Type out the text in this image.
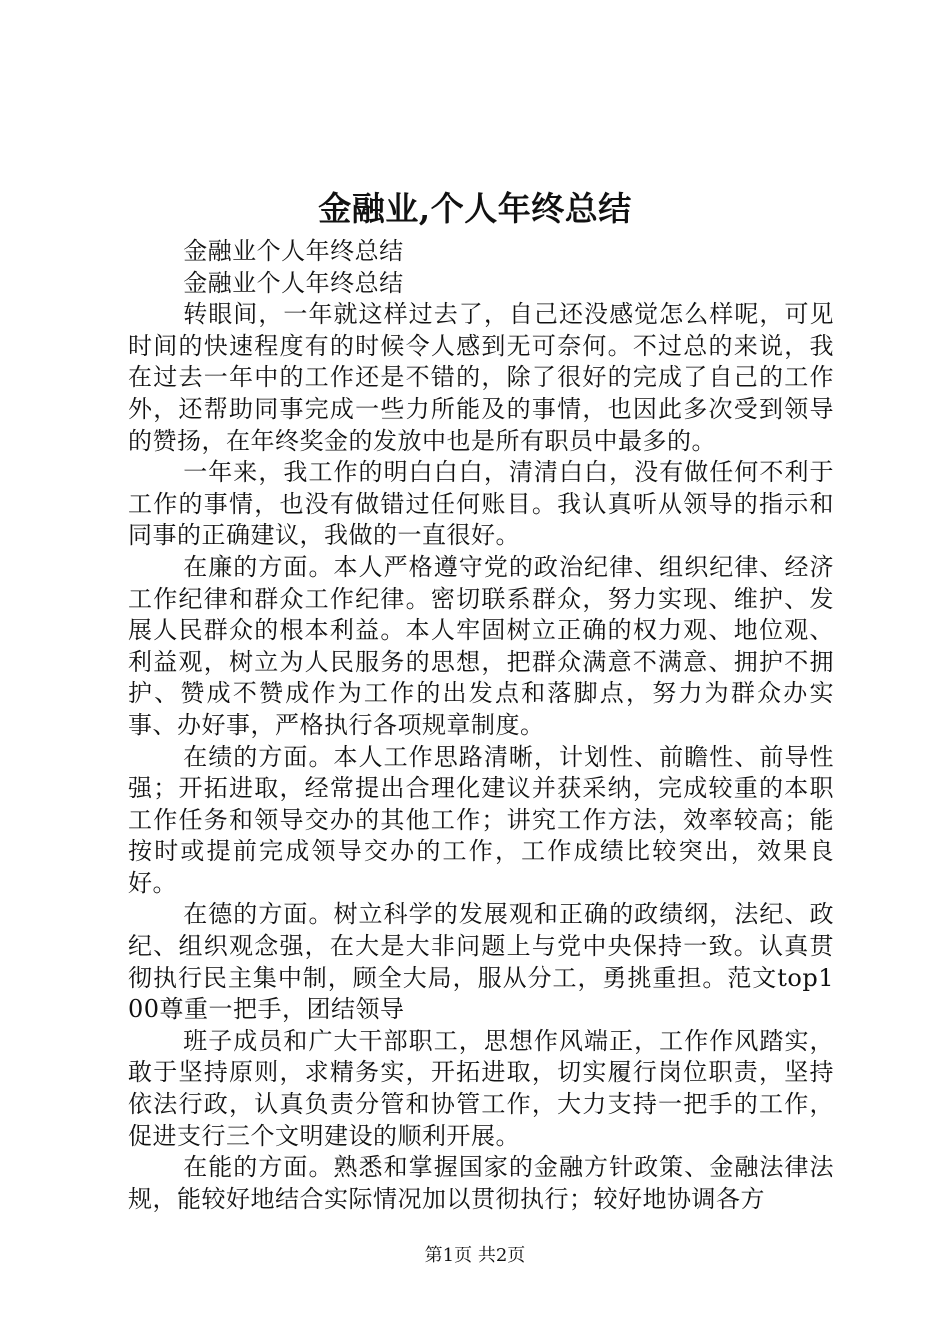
金融业,个人年终总结

金融业个人年终总结

金融业个人年终总结

转眼间，一年就这样过去了，自己还没感觉怎么样呢，可见时间的快速程度有的时候令人感到无可奈何。不过总的来说，我在过去一年中的工作还是不错的，除了很好的完成了自己的工作外，还帮助同事完成一些力所能及的事情，也因此多次受到领导的赞扬，在年终奖金的发放中也是所有职员中最多的。

一年来，我工作的明白白白，清清白白，没有做任何不利于工作的事情，也没有做错过任何账目。我认真听从领导的指示和同事的正确建议，我做的一直很好。

在廉的方面。本人严格遵守党的政治纪律、组织纪律、经济工作纪律和群众工作纪律。密切联系群众，努力实现、维护、发展人民群众的根本利益。本人牢固树立正确的权力观、地位观、利益观，树立为人民服务的思想，把群众满意不满意、拥护不拥护、赞成不赞成作为工作的出发点和落脚点，努力为群众办实事、办好事，严格执行各项规章制度。

在绩的方面。本人工作思路清晰，计划性、前瞻性、前导性强；开拓进取，经常提出合理化建议并获采纳，完成较重的本职工作任务和领导交办的其他工作；讲究工作方法，效率较高；能按时或提前完成领导交办的工作，工作成绩比较突出，效果良好。

在德的方面。树立科学的发展观和正确的政绩纲，法纪、政纪、组织观念强，在大是大非问题上与党中央保持一致。认真贯彻执行民主集中制，顾全大局，服从分工，勇挑重担。范文top100尊重一把手，团结领导

班子成员和广大干部职工，思想作风端正，工作作风踏实，敢于坚持原则，求精务实，开拓进取，切实履行岗位职责，坚持依法行政，认真负责分管和协管工作，大力支持一把手的工作，促进支行三个文明建设的顺利开展。

在能的方面。熟悉和掌握国家的金融方针政策、金融法律法规，能较好地结合实际情况加以贯彻执行；较好地协调各方

第1页 共2页
